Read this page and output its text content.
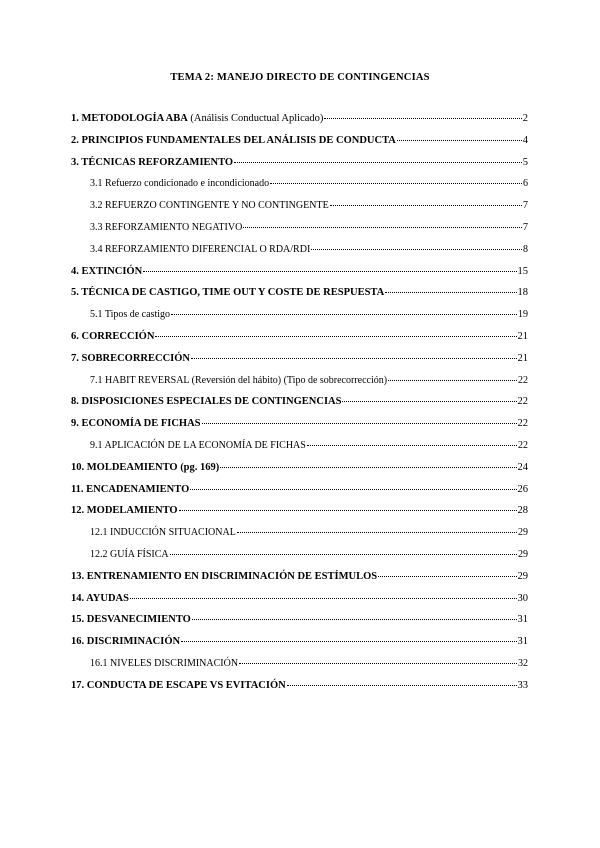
TEMA 2: MANEJO DIRECTO DE CONTINGENCIAS
1. METODOLOGÍA ABA (Análisis Conductual Aplicado)	2
2. PRINCIPIOS FUNDAMENTALES DEL ANÁLISIS DE CONDUCTA	4
3. TÉCNICAS REFORZAMIENTO	5
3.1 Refuerzo condicionado e incondicionado	6
3.2 REFUERZO CONTINGENTE Y NO CONTINGENTE	7
3.3 REFORZAMIENTO NEGATIVO	7
3.4 REFORZAMIENTO DIFERENCIAL O RDA/RDI	8
4. EXTINCIÓN	15
5. TÉCNICA DE CASTIGO, TIME OUT Y COSTE DE RESPUESTA	18
5.1 Tipos de castigo	19
6. CORRECCIÓN	21
7. SOBRECORRECCIÓN	21
7.1 HABIT REVERSAL (Reversión del hábito) (Tipo de sobrecorrección)	22
8. DISPOSICIONES ESPECIALES DE CONTINGENCIAS	22
9. ECONOMÍA DE FICHAS	22
9.1 APLICACIÓN DE LA ECONOMÍA DE FICHAS	22
10. MOLDEAMIENTO (pg. 169)	24
11. ENCADENAMIENTO	26
12. MODELAMIENTO	28
12.1 INDUCCIÓN SITUACIONAL	29
12.2 GUÍA FÍSICA	29
13. ENTRENAMIENTO EN DISCRIMINACIÓN DE ESTÍMULOS	29
14. AYUDAS	30
15. DESVANECIMIENTO	31
16. DISCRIMINACIÓN	31
16.1 NIVELES DISCRIMINACIÓN	32
17. CONDUCTA DE ESCAPE VS EVITACIÓN	33
